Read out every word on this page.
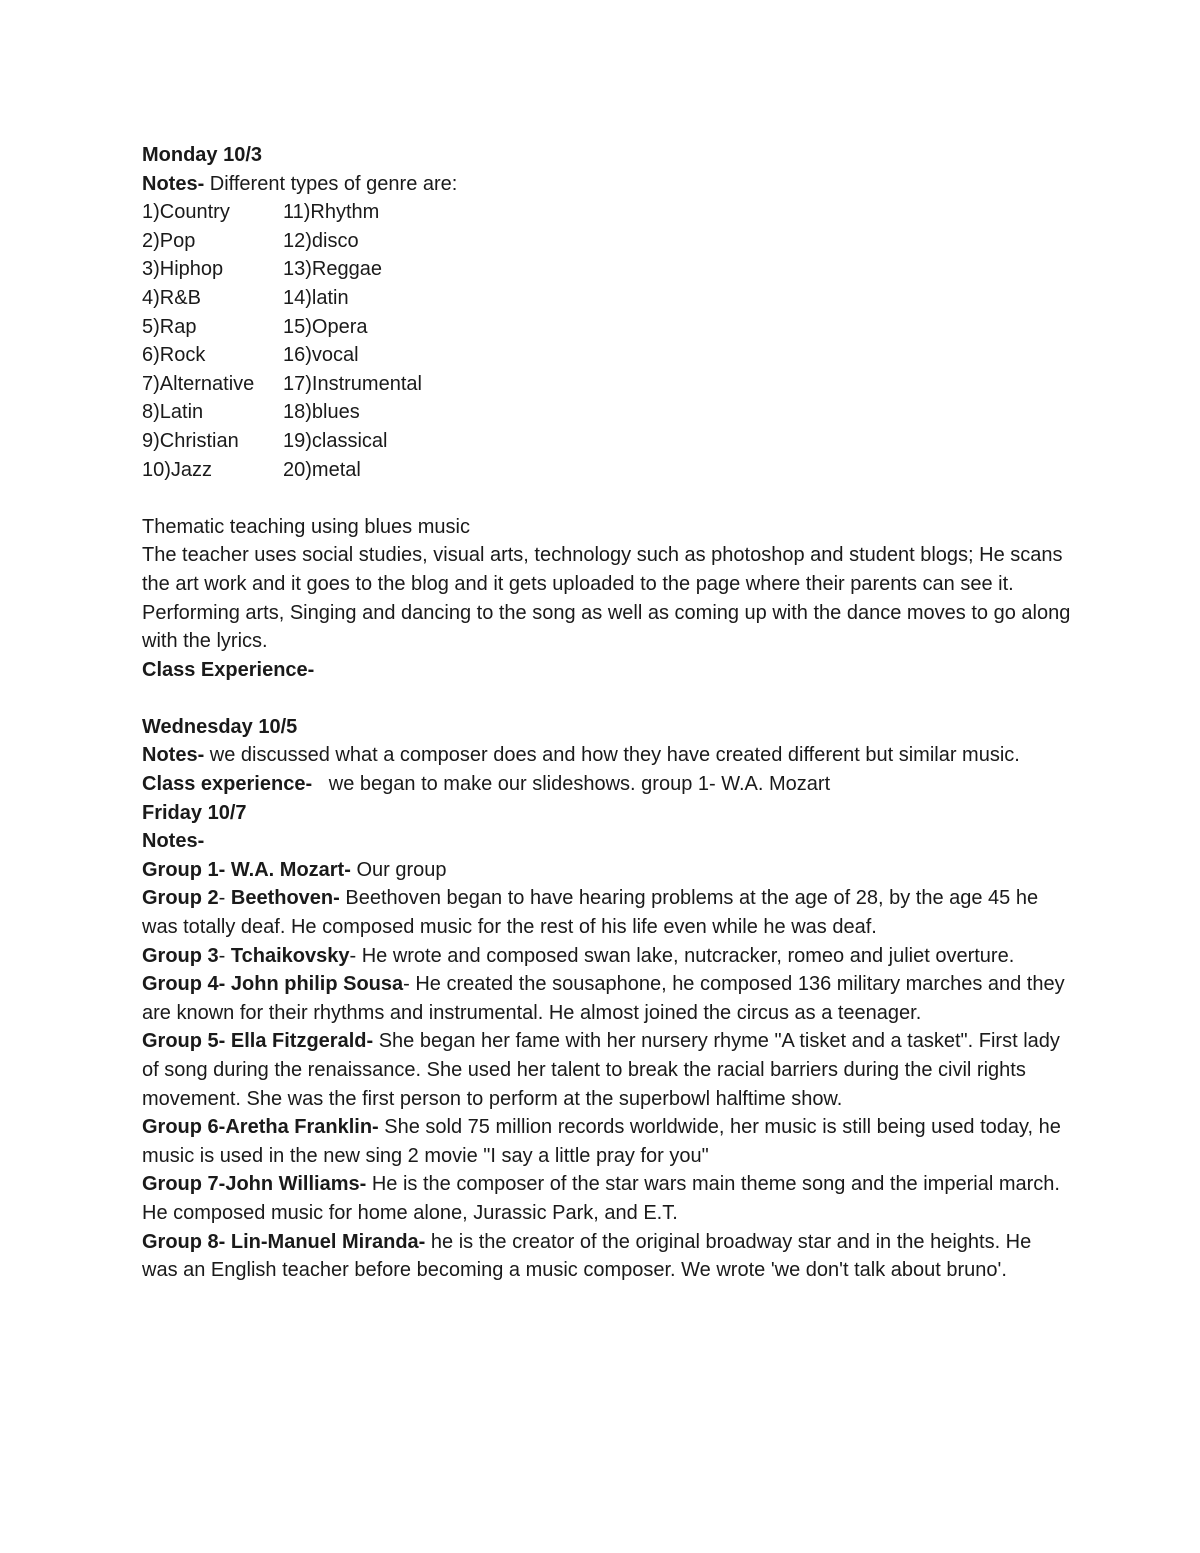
Monday 10/3
Notes- Different types of genre are:
1)Country	11)Rhythm
2)Pop	12)disco
3)Hiphop	13)Reggae
4)R&B	14)latin
5)Rap	15)Opera
6)Rock	16)vocal
7)Alternative	17)Instrumental
8)Latin	18)blues
9)Christian	19)classical
10)Jazz	20)metal
Thematic teaching using blues music
The teacher uses social studies, visual arts, technology such as photoshop and student blogs; He scans the art work and it goes to the blog and it gets uploaded to the page where their parents can see it. Performing arts, Singing and dancing to the song as well as coming up with the dance moves to go along with the lyrics.
Class Experience-
Wednesday 10/5
Notes- we discussed what a composer does and how they have created different but similar music.
Class experience-   we began to make our slideshows. group 1- W.A. Mozart
Friday 10/7
Notes-
Group 1- W.A. Mozart- Our group
Group 2- Beethoven- Beethoven began to have hearing problems at the age of 28, by the age 45 he was totally deaf. He composed music for the rest of his life even while he was deaf.
Group 3- Tchaikovsky- He wrote and composed swan lake, nutcracker, romeo and juliet overture.
Group 4- John philip Sousa- He created the sousaphone, he composed 136 military marches and they are known for their rhythms and instrumental. He almost joined the circus as a teenager.
Group 5- Ella Fitzgerald- She began her fame with her nursery rhyme "A tisket and a tasket". First lady of song during the renaissance. She used her talent to break the racial barriers during the civil rights movement. She was the first person to perform at the superbowl halftime show.
Group 6-Aretha Franklin- She sold 75 million records worldwide, her music is still being used today, he music is used in the new sing 2 movie "I say a little pray for you"
Group 7-John Williams- He is the composer of the star wars main theme song and the imperial march. He composed music for home alone, Jurassic Park, and E.T.
Group 8- Lin-Manuel Miranda- he is the creator of the original broadway star and in the heights. He was an English teacher before becoming a music composer. We wrote 'we don't talk about bruno'.
